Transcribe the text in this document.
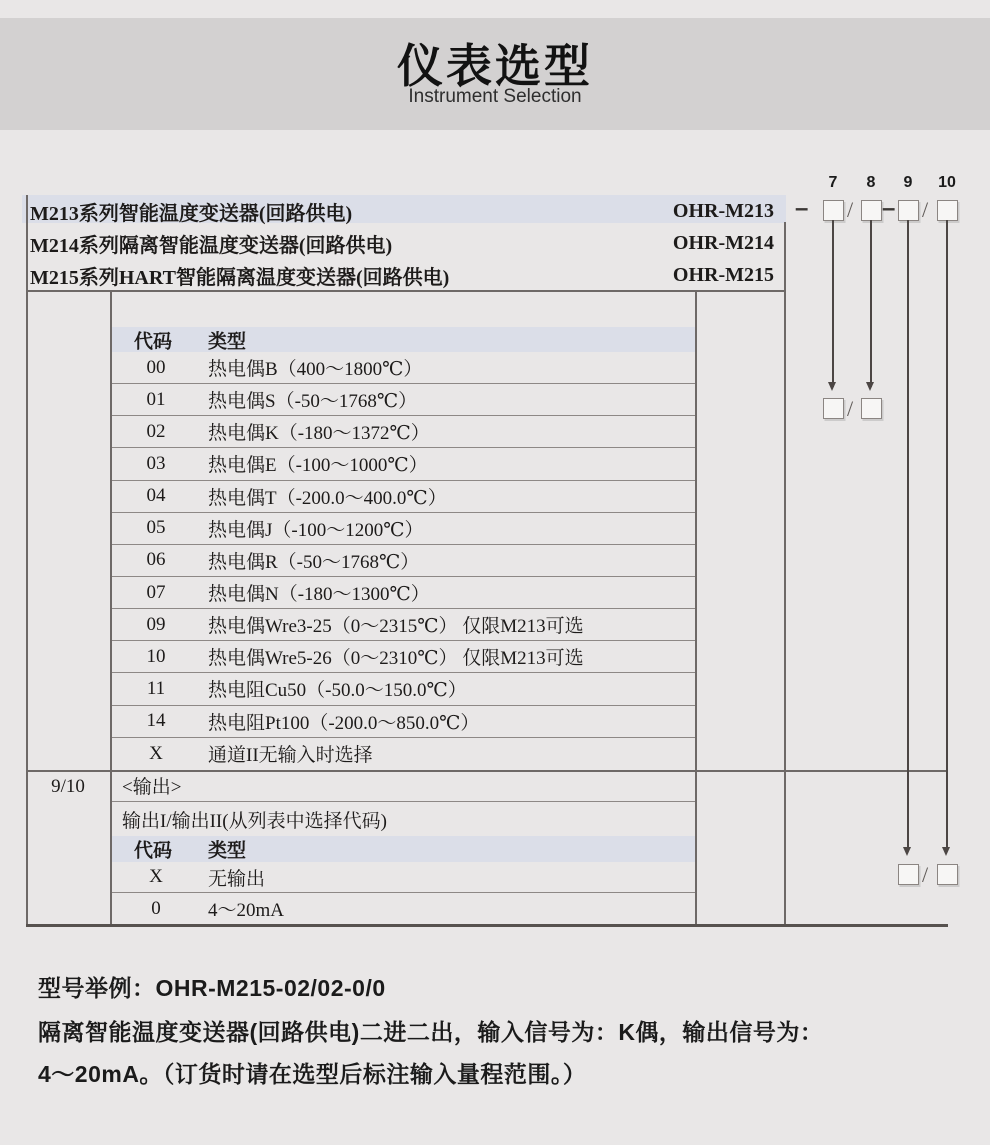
仪表选型
Instrument Selection
M213系列智能温度变送器(回路供电)	OHR-M213
M214系列隔离智能温度变送器(回路供电)	OHR-M214
M215系列HART智能隔离温度变送器(回路供电)	OHR-M215
代码 类型
00	热电偶B（400～1800℃）
01	热电偶S（-50～1768℃）
02	热电偶K（-180～1372℃）
03	热电偶E（-100～1000℃）
04	热电偶T（-200.0～400.0℃）
05	热电偶J（-100～1200℃）
06	热电偶R（-50～1768℃）
07	热电偶N（-180～1300℃）
09	热电偶Wre3-25（0～2315℃） 仅限M213可选
10	热电偶Wre5-26（0～2310℃） 仅限M213可选
11	热电阻Cu50（-50.0～150.0℃）
14	热电阻Pt100（-200.0～850.0℃）
X	通道II无输入时选择
9/10	<输出>
输出I/输出II(从列表中选择代码)
代码 类型
X	无输出
0	4～20mA
7	8	9	10
– / – /
/
/
型号举例：OHR-M215-02/02-0/0
隔离智能温度变送器(回路供电)二进二出，输入信号为：K偶，输出信号为：
4～20mA。（订货时请在选型后标注输入量程范围。）
